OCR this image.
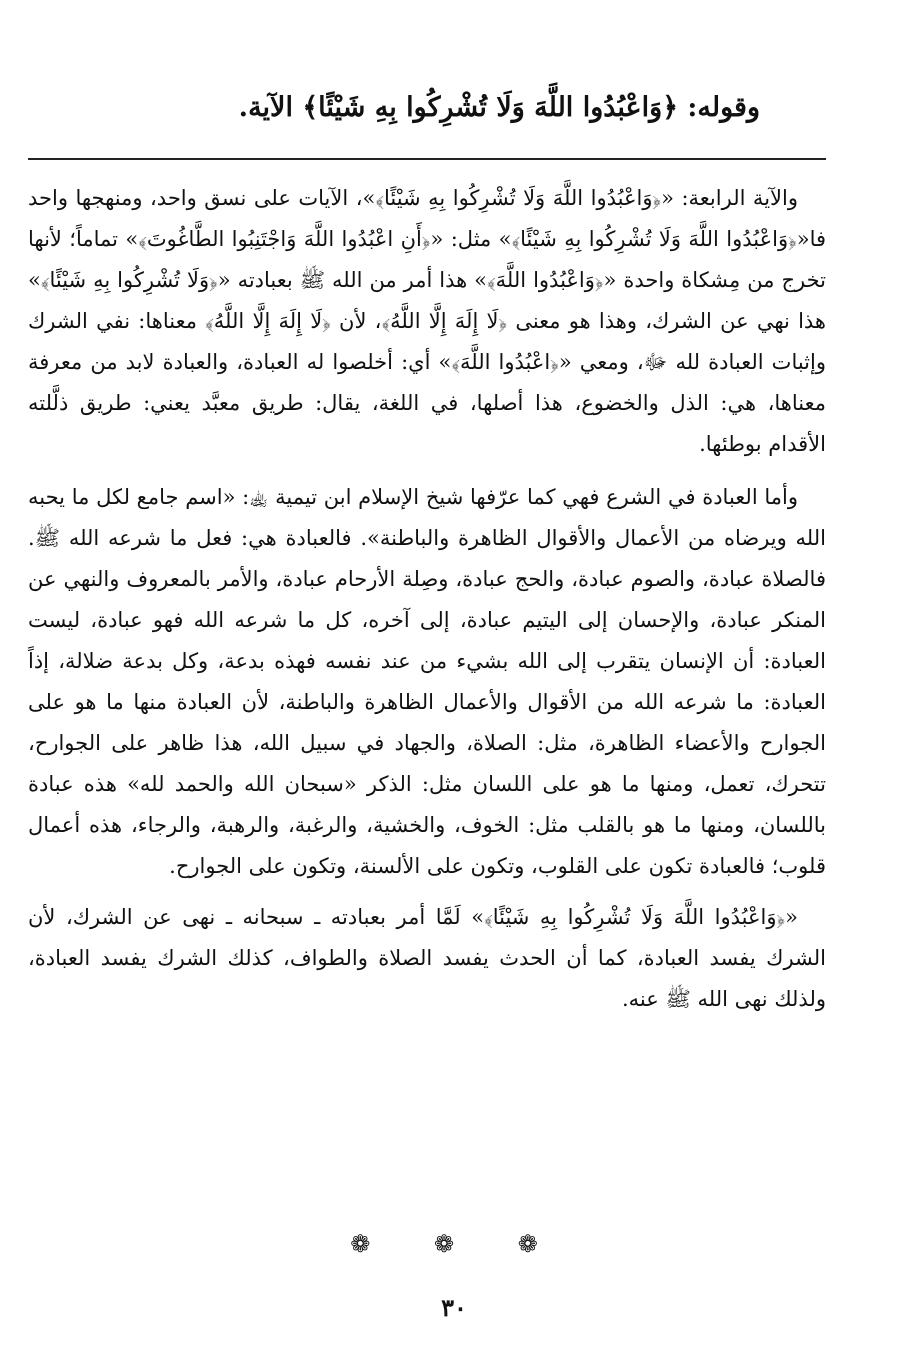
وقوله: ﴿وَاعْبُدُوا اللَّهَ وَلَا تُشْرِكُوا بِهِ شَيْئًا﴾ الآية.

والآية الرابعة: «﴿وَاعْبُدُوا اللَّهَ وَلَا تُشْرِكُوا بِهِ شَيْئًا﴾»، الآيات على نسق واحد، ومنهجها واحد فا«﴿وَاعْبُدُوا اللَّهَ وَلَا تُشْرِكُوا بِهِ شَيْئًا﴾» مثل: «﴿أَنِ اعْبُدُوا اللَّهَ وَاجْتَنِبُوا الطَّاغُوتَ﴾» تماماً؛ لأنها تخرج من مِشكاة واحدة «﴿وَاعْبُدُوا اللَّهَ﴾» هذا أمر من الله ﷺ بعبادته «﴿وَلَا تُشْرِكُوا بِهِ شَيْئًا﴾» هذا نهي عن الشرك، وهذا هو معنى ﴿لَا إِلَهَ إِلَّا اللَّهُ﴾، لأن ﴿لَا إِلَهَ إِلَّا اللَّهُ﴾ معناها: نفي الشرك وإثبات العبادة لله ﷻ، ومعي «﴿اعْبُدُوا اللَّهَ﴾» أي: أخلصوا له العبادة، والعبادة لابد من معرفة معناها، هي: الذل والخضوع، هذا أصلها، في اللغة، يقال: طريق معبَّد يعني: طريق ذلَّلته الأقدام بوطئها.

وأما العبادة في الشرع فهي كما عرّفها شيخ الإسلام ابن تيمية ﵀: «اسم جامع لكل ما يحبه الله ويرضاه من الأعمال والأقوال الظاهرة والباطنة». فالعبادة هي: فعل ما شرعه الله ﷺ. فالصلاة عبادة، والصوم عبادة، والحج عبادة، وصِلة الأرحام عبادة، والأمر بالمعروف والنهي عن المنكر عبادة، والإحسان إلى اليتيم عبادة، إلى آخره، كل ما شرعه الله فهو عبادة، ليست العبادة: أن الإنسان يتقرب إلى الله بشيء من عند نفسه فهذه بدعة، وكل بدعة ضلالة، إذاً العبادة: ما شرعه الله من الأقوال والأعمال الظاهرة والباطنة، لأن العبادة منها ما هو على الجوارح والأعضاء الظاهرة، مثل: الصلاة، والجهاد في سبيل الله، هذا ظاهر على الجوارح، تتحرك، تعمل، ومنها ما هو على اللسان مثل: الذكر «سبحان الله والحمد لله» هذه عبادة باللسان، ومنها ما هو بالقلب مثل: الخوف، والخشية، والرغبة، والرهبة، والرجاء، هذه أعمال قلوب؛ فالعبادة تكون على القلوب، وتكون على الألسنة، وتكون على الجوارح.

«﴿وَاعْبُدُوا اللَّهَ وَلَا تُشْرِكُوا بِهِ شَيْئًا﴾» لَمَّا أمر بعبادته ـ سبحانه ـ نهى عن الشرك، لأن الشرك يفسد العبادة، كما أن الحدث يفسد الصلاة والطواف، كذلك الشرك يفسد العبادة، ولذلك نهى الله ﷺ عنه.

❁ ❁ ❁
٣٠
